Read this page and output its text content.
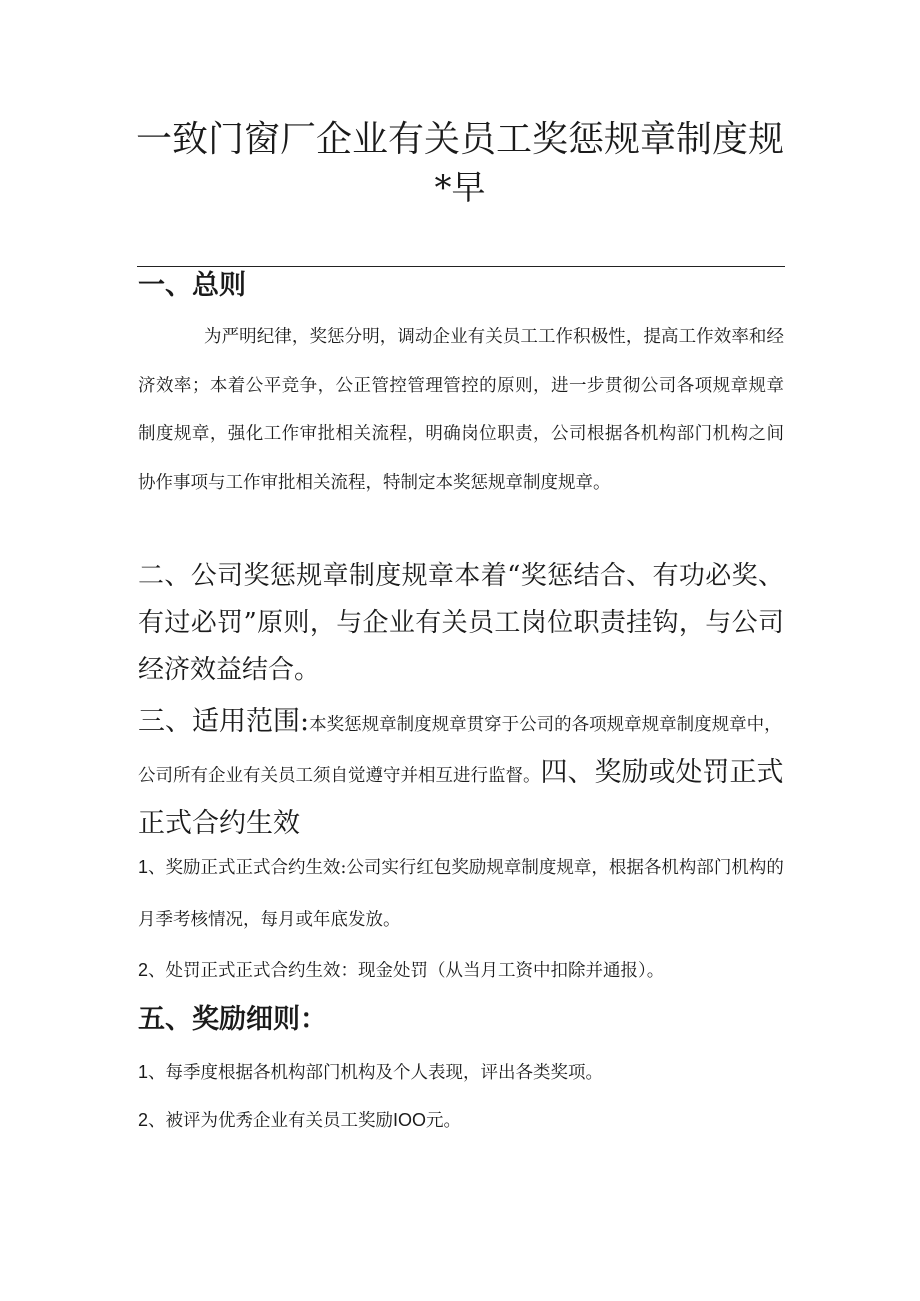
一致门窗厂企业有关员工奖惩规章制度规
*早
一、总则

为严明纪律，奖惩分明，调动企业有关员工工作积极性，提高工作效率和经济效率；本着公平竞争，公正管控管理管控的原则，进一步贯彻公司各项规章规章制度规章，强化工作审批相关流程，明确岗位职责，公司根据各机构部门机构之间协作事项与工作审批相关流程，特制定本奖惩规章制度规章。

二、公司奖惩规章制度规章本着“奖惩结合、有功必奖、有过必罚”原则，与企业有关员工岗位职责挂钩，与公司经济效益结合。

三、适用范围:本奖惩规章制度规章贯穿于公司的各项规章规章制度规章中，公司所有企业有关员工须自觉遵守并相互进行监督。四、奖励或处罚正式正式合约生效

1、奖励正式正式合约生效:公司实行红包奖励规章制度规章，根据各机构部门机构的月季考核情况，每月或年底发放。

2、处罚正式正式合约生效：现金处罚（从当月工资中扣除并通报）。

五、奖励细则：

1、每季度根据各机构部门机构及个人表现，评出各类奖项。

2、被评为优秀企业有关员工奖励IOO元。
